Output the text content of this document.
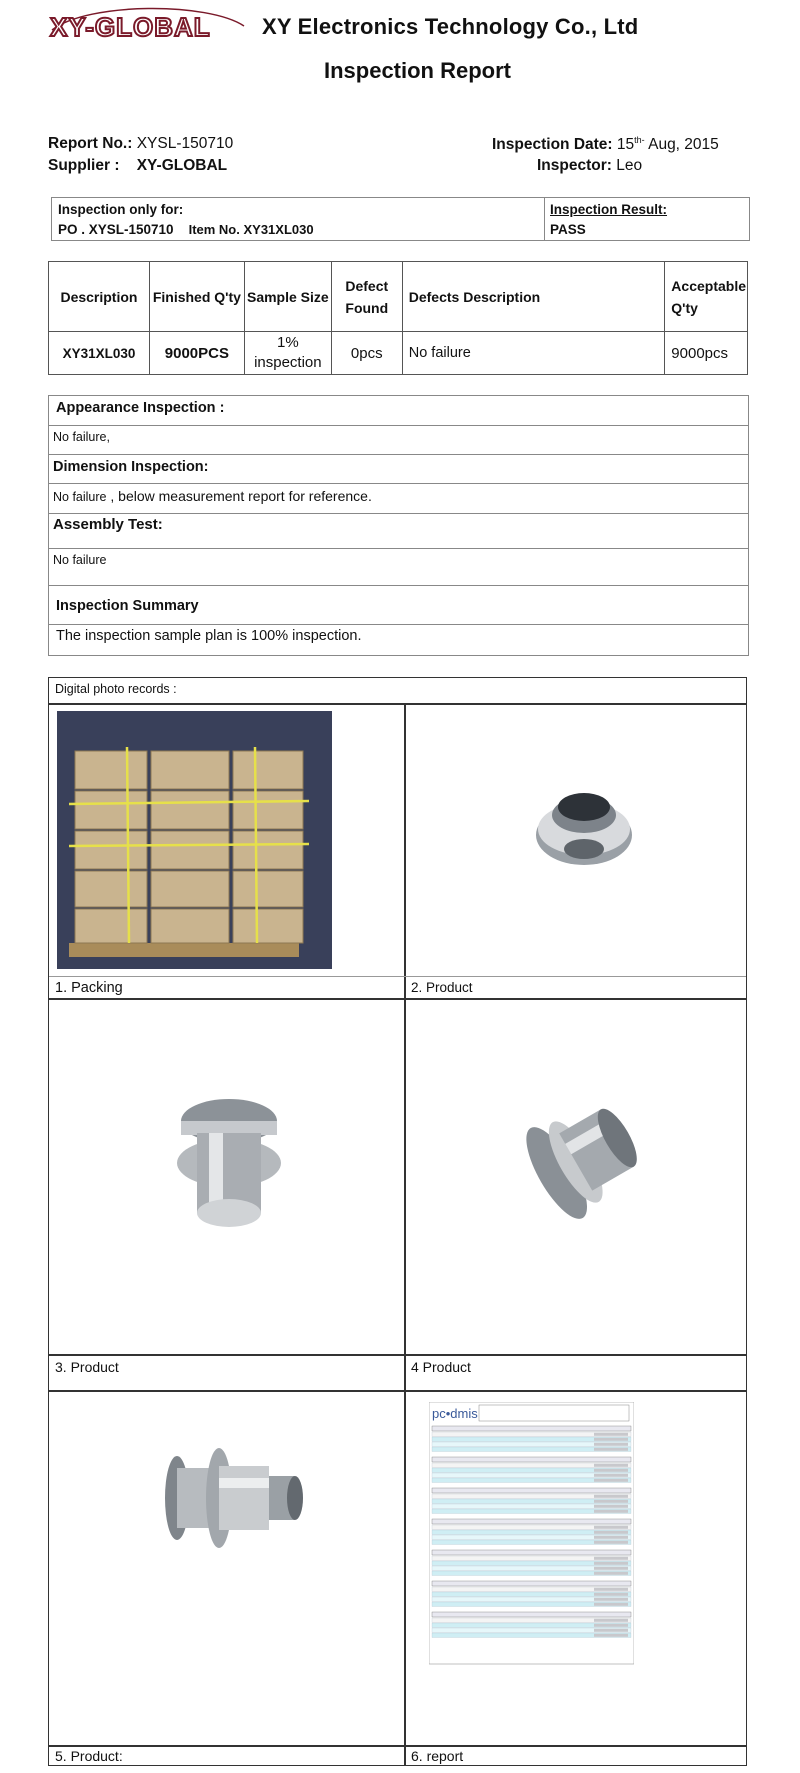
XY-GLOBAL XY Electronics Technology Co., Ltd
Inspection Report
Report No.: XYSL-150710
Supplier : XY-GLOBAL
Inspection Date: $15^{th-}$ Aug, 2015
Inspector: Leo
Inspection only for:
PO . XYSL-150710 Item No. XY31XL030
Inspection Result:
PASS
Description	Finished Q'ty	Sample Size	Defect Found	Defects Description	Acceptable Q'ty
XY31XL030	9000PCS	1% inspection	0pcs	No failure	9000pcs
Appearance Inspection :
No failure,
Dimension Inspection:
No failure , below measurement report for reference.
Assembly Test:
No failure
Inspection Summary
The inspection sample plan is 100% inspection.
Digital photo records :
pc•dmis
1. Packing	2. Product
3. Product	4 Product
5. Product:	6. report
